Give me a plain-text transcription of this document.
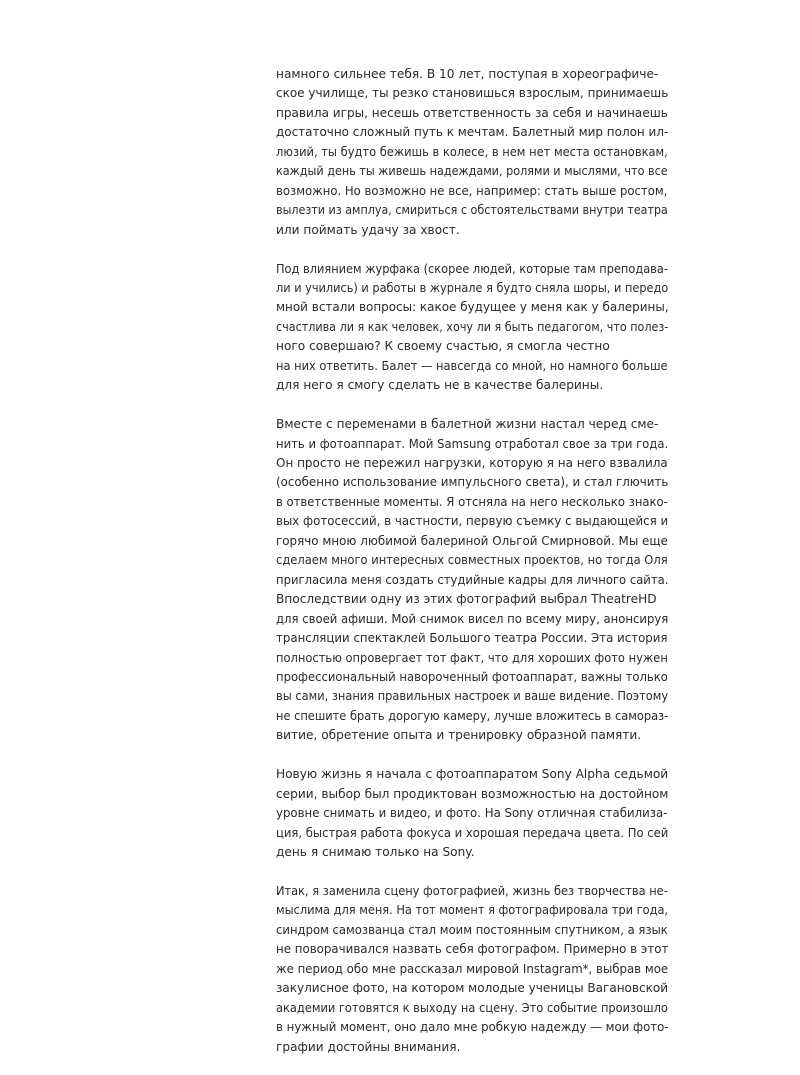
намного сильнее тебя. В 10 лет, поступая в хореографиче-
ское училище, ты резко становишься взрослым, принимаешь
правила игры, несешь ответственность за себя и начинаешь
достаточно сложный путь к мечтам. Балетный мир полон ил-
люзий, ты будто бежишь в колесе, в нем нет места остановкам,
каждый день ты живешь надеждами, ролями и мыслями, что все
возможно. Но возможно не все, например: стать выше ростом,
вылезти из амплуа, смириться с обстоятельствами внутри театра
или поймать удачу за хвост.

Под влиянием журфака (скорее людей, которые там преподава-
ли и учились) и работы в журнале я будто сняла шоры, и передо
мной встали вопросы: какое будущее у меня как у балерины,
счастлива ли я как человек, хочу ли я быть педагогом, что полез-
ного совершаю? К своему счастью, я смогла честно
на них ответить. Балет — навсегда со мной, но намного больше
для него я смогу сделать не в качестве балерины.

Вместе с переменами в балетной жизни настал черед сме-
нить и фотоаппарат. Мой Samsung отработал свое за три года.
Он просто не пережил нагрузки, которую я на него взвалила
(особенно использование импульсного света), и стал глючить
в ответственные моменты. Я отсняла на него несколько знако-
вых фотосессий, в частности, первую съемку с выдающейся и
горячо мною любимой балериной Ольгой Смирновой. Мы еще
сделаем много интересных совместных проектов, но тогда Оля
пригласила меня создать студийные кадры для личного сайта.
Впоследствии одну из этих фотографий выбрал TheatreHD
для своей афиши. Мой снимок висел по всему миру, анонсируя
трансляции спектаклей Большого театра России. Эта история
полностью опровергает тот факт, что для хороших фото нужен
профессиональный навороченный фотоаппарат, важны только
вы сами, знания правильных настроек и ваше видение. Поэтому
не спешите брать дорогую камеру, лучше вложитесь в самораз-
витие, обретение опыта и тренировку образной памяти.

Новую жизнь я начала с фотоаппаратом Sony Alpha седьмой
серии, выбор был продиктован возможностью на достойном
уровне снимать и видео, и фото. На Sony отличная стабилиза-
ция, быстрая работа фокуса и хорошая передача цвета. По сей
день я снимаю только на Sony.

Итак, я заменила сцену фотографией, жизнь без творчества не-
мыслима для меня. На тот момент я фотографировала три года,
синдром самозванца стал моим постоянным спутником, а язык
не поворачивался назвать себя фотографом. Примерно в этот
же период обо мне рассказал мировой Instagram*, выбрав мое
закулисное фото, на котором молодые ученицы Вагановской
академии готовятся к выходу на сцену. Это событие произошло
в нужный момент, оно дало мне робкую надежду — мои фото-
графии достойны внимания.
